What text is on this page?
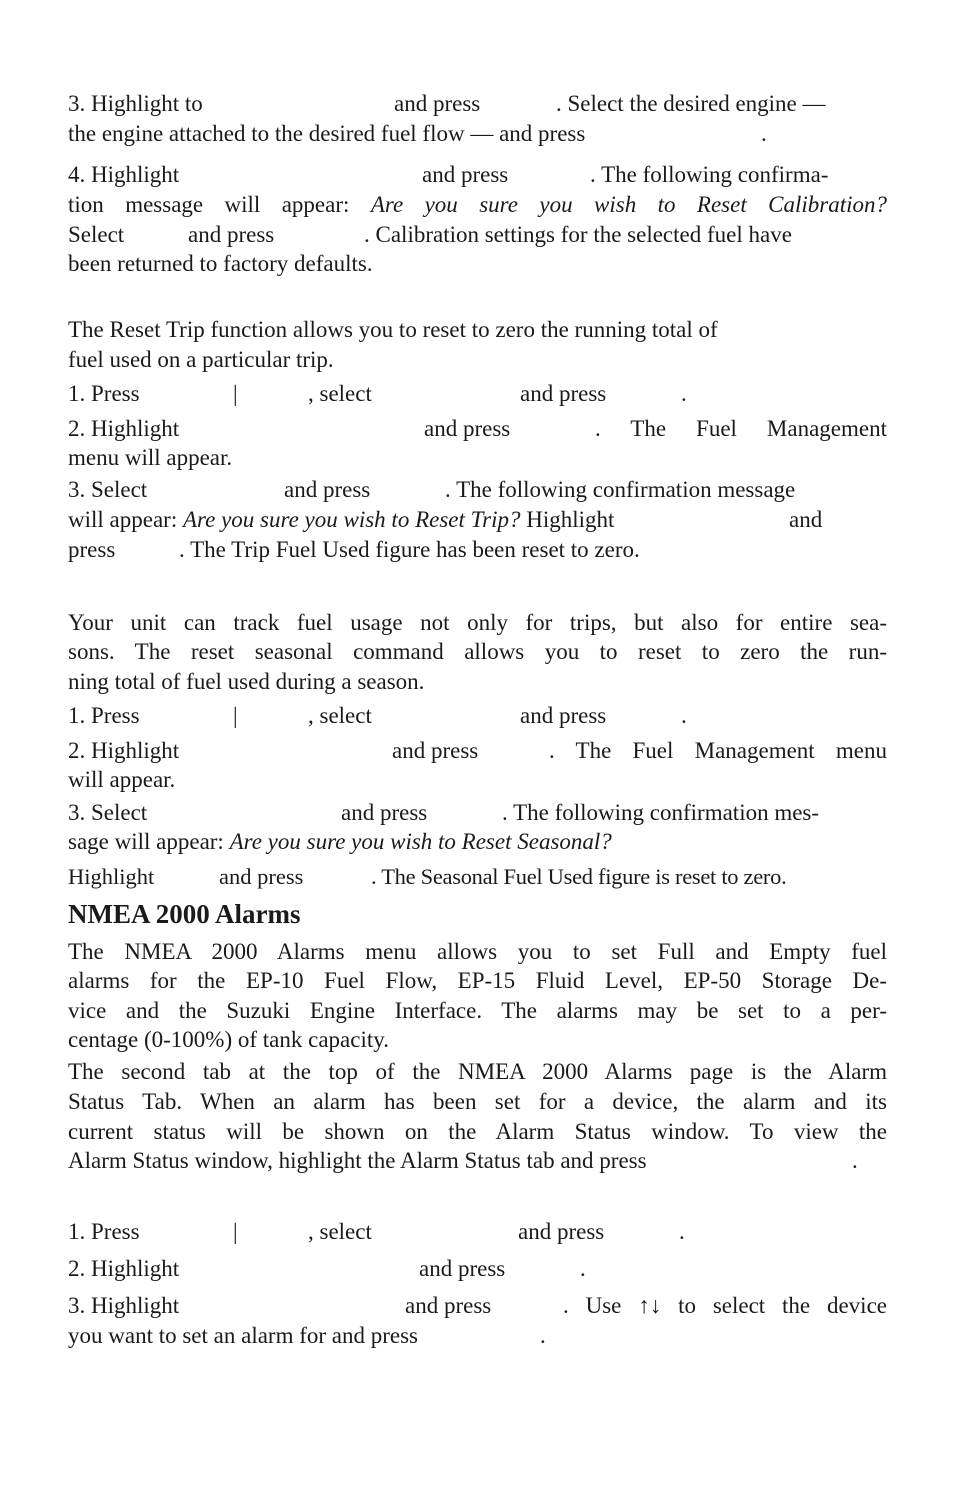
3. Highlight to	and press	. Select the desired engine —
the engine attached to the desired fuel flow — and press	.
4. Highlight	and press	. The following confirma-
tion message will appear: Are you sure you wish to Reset Calibration?
Select	and press	. Calibration settings for the selected fuel have
been returned to factory defaults.
The Reset Trip function allows you to reset to zero the running total of
fuel used on a particular trip.
1. Press	|	, select	and press	.
2. Highlight	and press	. The Fuel Management
menu will appear.
3. Select	and press	. The following confirmation message
will appear: Are you sure you wish to Reset Trip? Highlight	and
press	. The Trip Fuel Used figure has been reset to zero.
Your unit can track fuel usage not only for trips, but also for entire sea-
sons. The reset seasonal command allows you to reset to zero the run-
ning total of fuel used during a season.
1. Press	|	, select	and press	.
2. Highlight	and press	. The Fuel Management menu
will appear.
3. Select	and press	. The following confirmation mes-
sage will appear: Are you sure you wish to Reset Seasonal?
Highlight	and press	. The Seasonal Fuel Used figure is reset to zero.
NMEA 2000 Alarms
The NMEA 2000 Alarms menu allows you to set Full and Empty fuel
alarms for the EP-10 Fuel Flow, EP-15 Fluid Level, EP-50 Storage De-
vice and the Suzuki Engine Interface. The alarms may be set to a per-
centage (0-100%) of tank capacity.
The second tab at the top of the NMEA 2000 Alarms page is the Alarm
Status Tab. When an alarm has been set for a device, the alarm and its
current status will be shown on the Alarm Status window. To view the
Alarm Status window, highlight the Alarm Status tab and press	.
1. Press	|	, select	and press	.
2. Highlight	and press	.
3. Highlight	and press	. Use ↑↓ to select the device
you want to set an alarm for and press	.
